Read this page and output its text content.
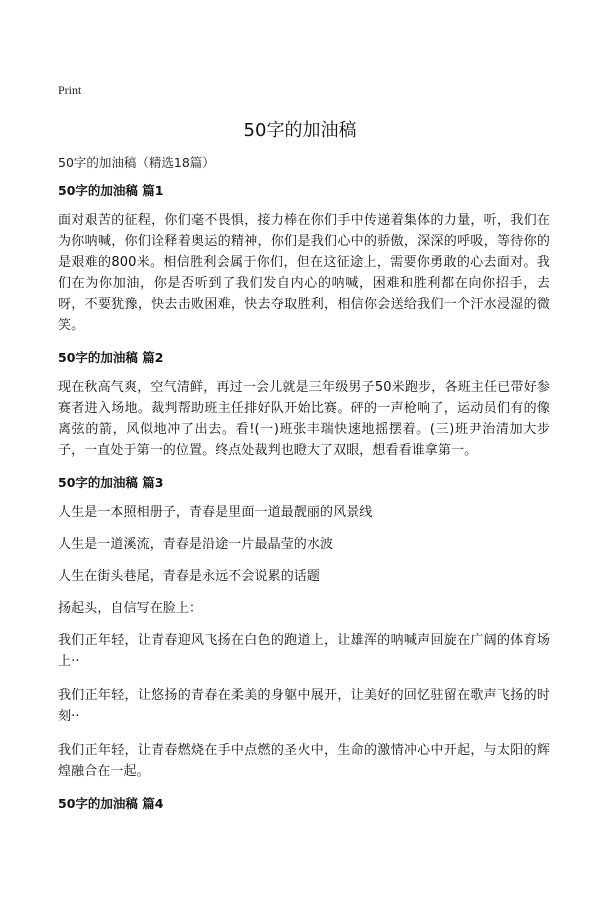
Print
50字的加油稿

50字的加油稿（精选18篇）

50字的加油稿 篇1

面对艰苦的征程，你们毫不畏惧，接力棒在你们手中传递着集体的力量，听，我们在为你呐喊，你们诠释着奥运的精神，你们是我们心中的骄傲，深深的呼吸，等待你的是艰难的800米。相信胜利会属于你们，但在这征途上，需要你勇敢的心去面对。我们在为你加油，你是否听到了我们发自内心的呐喊，困难和胜利都在向你招手，去呀，不要犹豫，快去击败困难，快去夺取胜利，相信你会送给我们一个汗水浸湿的微笑。

50字的加油稿 篇2

现在秋高气爽，空气清鲜，再过一会儿就是三年级男子50米跑步，各班主任已带好参赛者进入场地。裁判帮助班主任排好队开始比赛。砰的一声枪响了，运动员们有的像离弦的箭，风似地冲了出去。看!(一)班张丰瑞快速地摇摆着。(三)班尹治清加大步子，一直处于第一的位置。终点处裁判也瞪大了双眼，想看看谁拿第一。

50字的加油稿 篇3

人生是一本照相册子，青春是里面一道最靓丽的风景线

人生是一道溪流，青春是沿途一片最晶莹的水波

人生在街头巷尾，青春是永远不会说累的话题

扬起头，自信写在脸上：

我们正年轻，让青春迎风飞扬在白色的跑道上，让雄浑的呐喊声回旋在广阔的体育场上··

我们正年轻，让悠扬的青春在柔美的身躯中展开，让美好的回忆驻留在歌声飞扬的时刻··

我们正年轻，让青春燃烧在手中点燃的圣火中，生命的激情冲心中开起，与太阳的辉煌融合在一起。

50字的加油稿 篇4
